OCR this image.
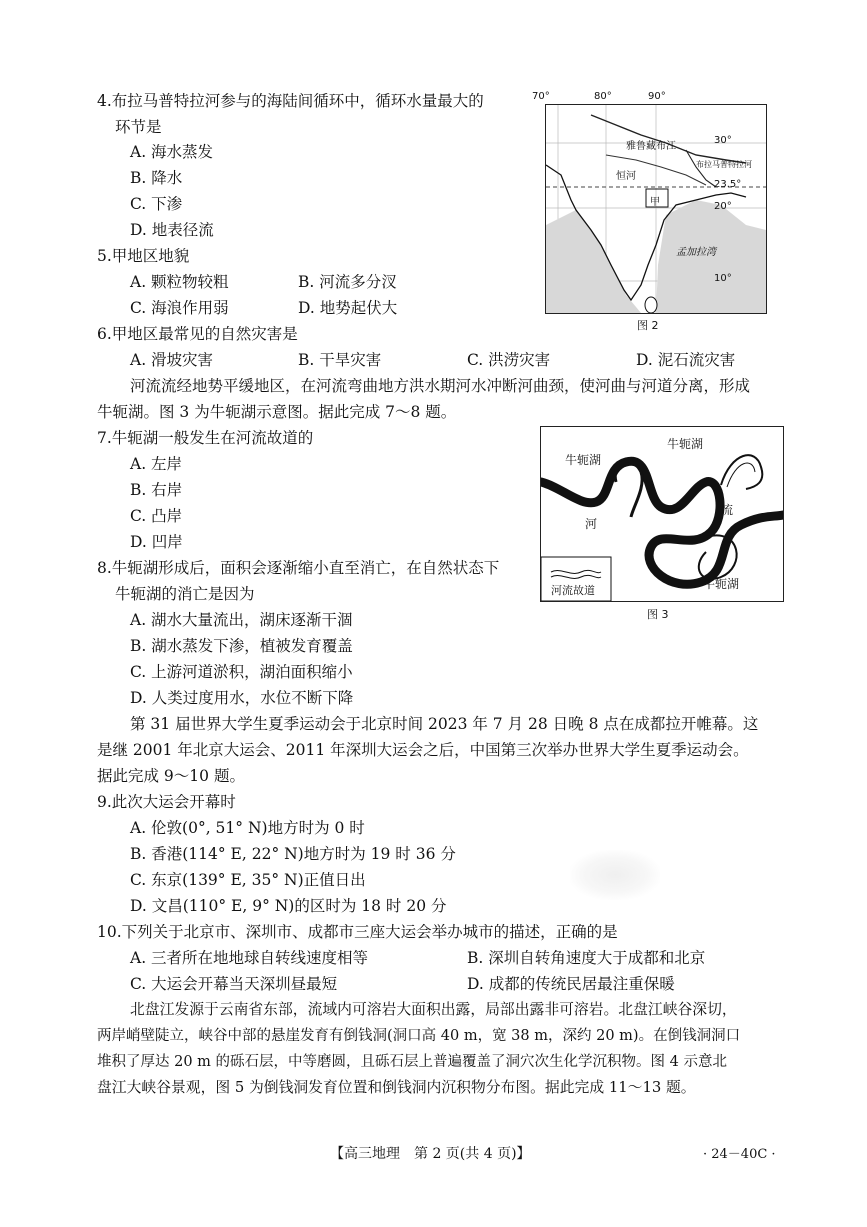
4.布拉马普特拉河参与的海陆间循环中，循环水量最大的
环节是
A. 海水蒸发
B. 降水
C. 下渗
D. 地表径流
5.甲地区地貌
A. 颗粒物较粗	B. 河流多分汊
C. 海浪作用弱	D. 地势起伏大
6.甲地区最常见的自然灾害是
A. 滑坡灾害	B. 干旱灾害	C. 洪涝灾害	D. 泥石流灾害
河流流经地势平缓地区，在河流弯曲地方洪水期河水冲断河曲颈，使河曲与河道分离，形成
牛轭湖。图 3 为牛轭湖示意图。据此完成 7～8 题。
7.牛轭湖一般发生在河流故道的
A. 左岸
B. 右岸
C. 凸岸
D. 凹岸
8.牛轭湖形成后，面积会逐渐缩小直至消亡，在自然状态下
牛轭湖的消亡是因为
A. 湖水大量流出，湖床逐渐干涸
B. 湖水蒸发下渗，植被发育覆盖
C. 上游河道淤积，湖泊面积缩小
D. 人类过度用水，水位不断下降
第 31 届世界大学生夏季运动会于北京时间 2023 年 7 月 28 日晚 8 点在成都拉开帷幕。这
是继 2001 年北京大运会、2011 年深圳大运会之后，中国第三次举办世界大学生夏季运动会。
据此完成 9～10 题。
9.此次大运会开幕时
A. 伦敦(0°, 51° N)地方时为 0 时
B. 香港(114° E, 22° N)地方时为 19 时 36 分
C. 东京(139° E, 35° N)正值日出
D. 文昌(110° E, 9° N)的区时为 18 时 20 分
10.下列关于北京市、深圳市、成都市三座大运会举办城市的描述，正确的是
A. 三者所在地地球自转线速度相等	B. 深圳自转角速度大于成都和北京
C. 大运会开幕当天深圳昼最短	D. 成都的传统民居最注重保暖
北盘江发源于云南省东部，流域内可溶岩大面积出露，局部出露非可溶岩。北盘江峡谷深切，
两岸峭壁陡立，峡谷中部的悬崖发育有倒钱洞(洞口高 40 m，宽 38 m，深约 20 m)。在倒钱洞洞口
堆积了厚达 20 m 的砾石层，中等磨圆，且砾石层上普遍覆盖了洞穴次生化学沉积物。图 4 示意北
盘江大峡谷景观，图 5 为倒钱洞发育位置和倒钱洞内沉积物分布图。据此完成 11～13 题。
70°	80°	90°
30°
23.5°
20°
10°
雅鲁藏布江
布拉马普特拉河
恒河
甲
孟加拉湾
图 2
牛轭湖
牛轭湖
牛轭湖
河
流
河流故道
图 3
【高三地理　第 2 页(共 4 页)】	· 24－40C ·
